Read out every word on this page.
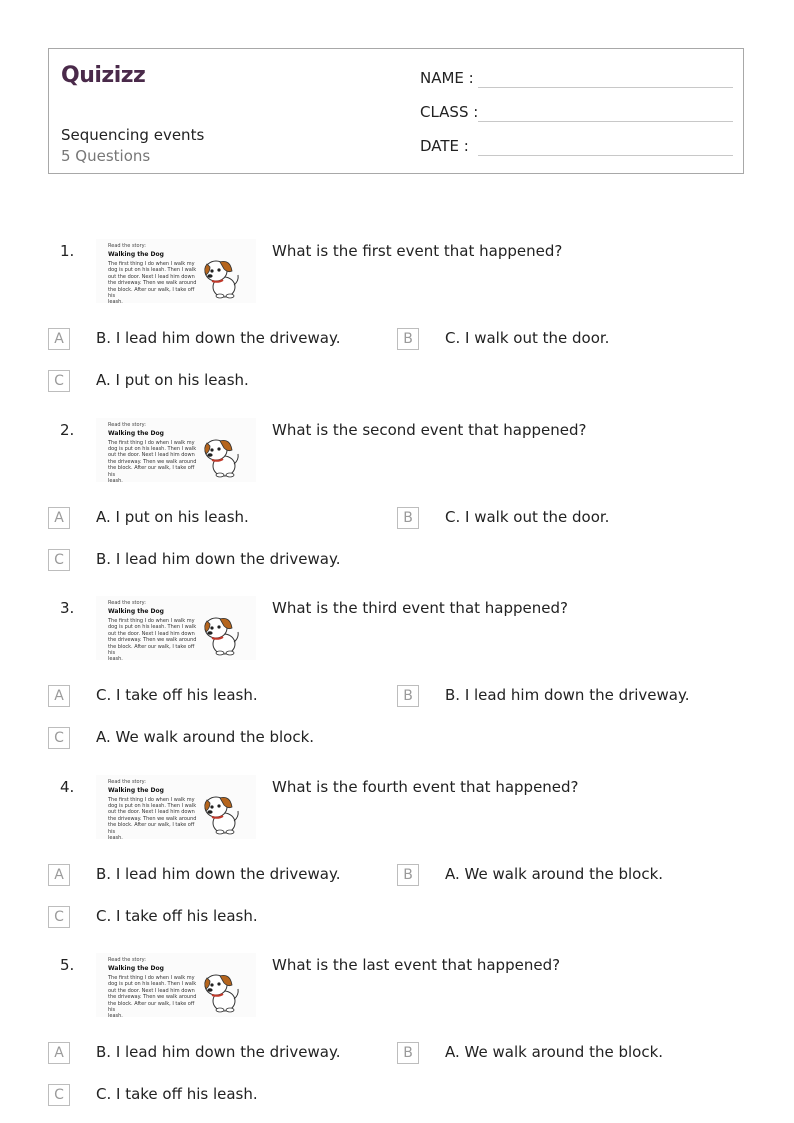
Quizizz
Sequencing events
5 Questions
NAME :
CLASS :
DATE :
1.	Read the story:
Walking the Dog
The first thing I do when I walk my
dog is put on his leash. Then I walk
out the door. Next I lead him down
the driveway. Then we walk around
the block. After our walk, I take off his
leash.
What is the first event that happened?
A	B. I lead him down the driveway.	B	C. I walk out the door.
C	A. I put on his leash.
2.	Read the story:
Walking the Dog
The first thing I do when I walk my
dog is put on his leash. Then I walk
out the door. Next I lead him down
the driveway. Then we walk around
the block. After our walk, I take off his
leash.
What is the second event that happened?
A	A. I put on his leash.	B	C. I walk out the door.
C	B. I lead him down the driveway.
3.	Read the story:
Walking the Dog
The first thing I do when I walk my
dog is put on his leash. Then I walk
out the door. Next I lead him down
the driveway. Then we walk around
the block. After our walk, I take off his
leash.
What is the third event that happened?
A	C. I take off his leash.	B	B. I lead him down the driveway.
C	A. We walk around the block.
4.	Read the story:
Walking the Dog
The first thing I do when I walk my
dog is put on his leash. Then I walk
out the door. Next I lead him down
the driveway. Then we walk around
the block. After our walk, I take off his
leash.
What is the fourth event that happened?
A	B. I lead him down the driveway.	B	A. We walk around the block.
C	C. I take off his leash.
5.	Read the story:
Walking the Dog
The first thing I do when I walk my
dog is put on his leash. Then I walk
out the door. Next I lead him down
the driveway. Then we walk around
the block. After our walk, I take off his
leash.
What is the last event that happened?
A	B. I lead him down the driveway.	B	A. We walk around the block.
C	C. I take off his leash.
